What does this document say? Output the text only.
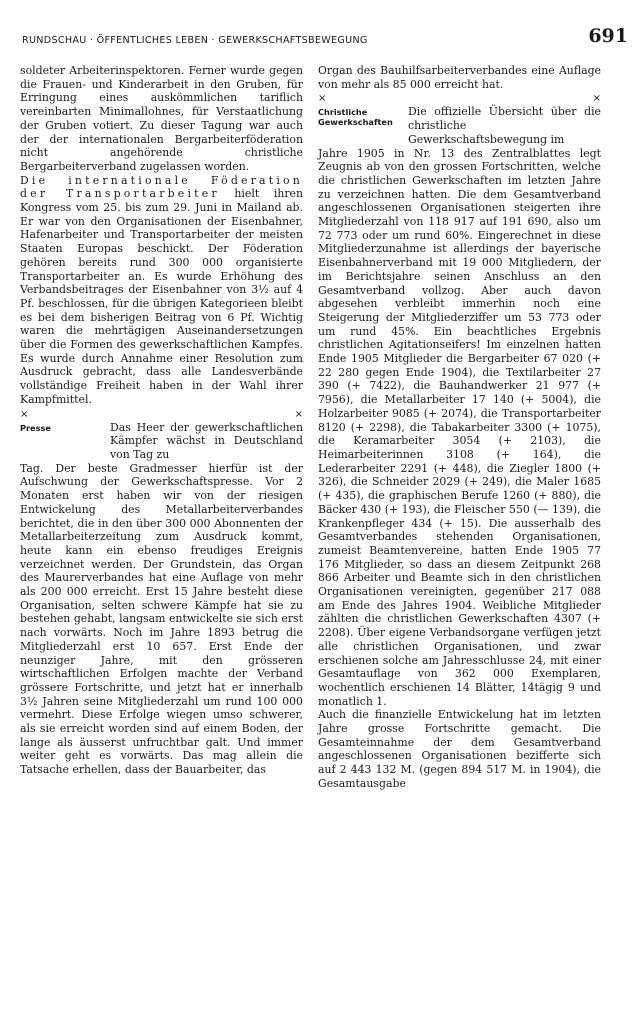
RUNDSCHAU · ÖFFENTLICHES LEBEN · GEWERKSCHAFTSBEWEGUNG	691

soldeter Arbeiterinspektoren. Ferner wurde gegen die Frauen- und Kinderarbeit in den Gruben, für Erringung eines auskömmlichen tariflich vereinbarten Minimallohnes, für Verstaatlichung der Gruben votiert. Zu dieser Tagung war auch der der internationalen Bergarbeiterföderation nicht angehörende christliche Bergarbeiterverband zugelassen worden.

Die internationale Föderation der Transportarbeiter hielt ihren Kongress vom 25. bis zum 29. Juni in Mailand ab. Er war von den Organisationen der Eisenbahner, Hafenarbeiter und Transportarbeiter der meisten Staaten Europas beschickt. Der Föderation gehören bereits rund 300 000 organisierte Transportarbeiter an. Es wurde Erhöhung des Verbandsbeitrages der Eisenbahner von 3½ auf 4 Pf. beschlossen, für die übrigen Kategorieen bleibt es bei dem bisherigen Beitrag von 6 Pf. Wichtig waren die mehrtägigen Auseinandersetzungen über die Formen des gewerkschaftlichen Kampfes. Es wurde durch Annahme einer Resolution zum Ausdruck gebracht, dass alle Landesverbände vollständige Freiheit haben in der Wahl ihrer Kampfmittel.

×	×
Presse	Das Heer der gewerkschaftlichen Kämpfer wächst in Deutschland von Tag zu

Tag. Der beste Gradmesser hierfür ist der Aufschwung der Gewerkschaftspresse. Vor 2 Monaten erst haben wir von der riesigen Entwickelung des Metallarbeiterverbandes berichtet, die in den über 300 000 Abonnenten der Metallarbeiterzeitung zum Ausdruck kommt, heute kann ein ebenso freudiges Ereignis verzeichnet werden. Der Grundstein, das Organ des Maurerverbandes hat eine Auflage von mehr als 200 000 erreicht. Erst 15 Jahre besteht diese Organisation, selten schwere Kämpfe hat sie zu bestehen gehabt, langsam entwickelte sie sich erst nach vorwärts. Noch im Jahre 1893 betrug die Mitgliederzahl erst 10 657. Erst Ende der neunziger Jahre, mit den grösseren wirtschaftlichen Erfolgen machte der Verband grössere Fortschritte, und jetzt hat er innerhalb 3½ Jahren seine Mitgliederzahl um rund 100 000 vermehrt. Diese Erfolge wiegen umso schwerer, als sie erreicht worden sind auf einem Boden, der lange als äusserst unfruchtbar galt. Und immer weiter geht es vorwärts. Das mag allein die Tatsache erhellen, dass der Bauarbeiter, das

Organ des Bauhilfsarbeiterverbandes eine Auflage von mehr als 85 000 erreicht hat.

×	×
Christliche Gewerkschaften

Die offizielle Übersicht über die christliche Gewerkschaftsbewegung im

Jahre 1905 in Nr. 13 des Zentralblattes legt Zeugnis ab von den grossen Fortschritten, welche die christlichen Gewerkschaften im letzten Jahre zu verzeichnen hatten. Die dem Gesamtverband angeschlossenen Organisationen steigerten ihre Mitgliederzahl von 118 917 auf 191 690, also um 72 773 oder um rund 60%. Eingerechnet in diese Mitgliederzunahme ist allerdings der bayerische Eisenbahnerverband mit 19 000 Mitgliedern, der im Berichtsjahre seinen Anschluss an den Gesamtverband vollzog. Aber auch davon abgesehen verbleibt immerhin noch eine Steigerung der Mitgliederziffer um 53 773 oder um rund 45%. Ein beachtliches Ergebnis christlichen Agitationseifers! Im einzelnen hatten Ende 1905 Mitglieder die Bergarbeiter 67 020 (+ 22 280 gegen Ende 1904), die Textilarbeiter 27 390 (+ 7422), die Bauhandwerker 21 977 (+ 7956), die Metallarbeiter 17 140 (+ 5004), die Holzarbeiter 9085 (+ 2074), die Transportarbeiter 8120 (+ 2298), die Tabakarbeiter 3300 (+ 1075), die Keramarbeiter 3054 (+ 2103), die Heimarbeiterinnen 3108 (+ 164), die Lederarbeiter 2291 (+ 448), die Ziegler 1800 (+ 326), die Schneider 2029 (+ 249), die Maler 1685 (+ 435), die graphischen Berufe 1260 (+ 880), die Bäcker 430 (+ 193), die Fleischer 550 (— 139), die Krankenpfleger 434 (+ 15). Die ausserhalb des Gesamtverbandes stehenden Organisationen, zumeist Beamtenvereine, hatten Ende 1905 77 176 Mitglieder, so dass an diesem Zeitpunkt 268 866 Arbeiter und Beamte sich in den christlichen Organisationen vereinigten, gegenüber 217 088 am Ende des Jahres 1904. Weibliche Mitglieder zählten die christlichen Gewerkschaften 4307 (+ 2208). Über eigene Verbandsorgane verfügen jetzt alle christlichen Organisationen, und zwar erschienen solche am Jahresschlusse 24, mit einer Gesamtauflage von 362 000 Exemplaren, wochentlich erschienen 14 Blätter, 14tägig 9 und monatlich 1.

Auch die finanzielle Entwickelung hat im letzten Jahre grosse Fortschritte gemacht. Die Gesamteinnahme der dem Gesamtverband angeschlossenen Organisationen bezifferte sich auf 2 443 132 M. (gegen 894 517 M. in 1904), die Gesamtausgabe
